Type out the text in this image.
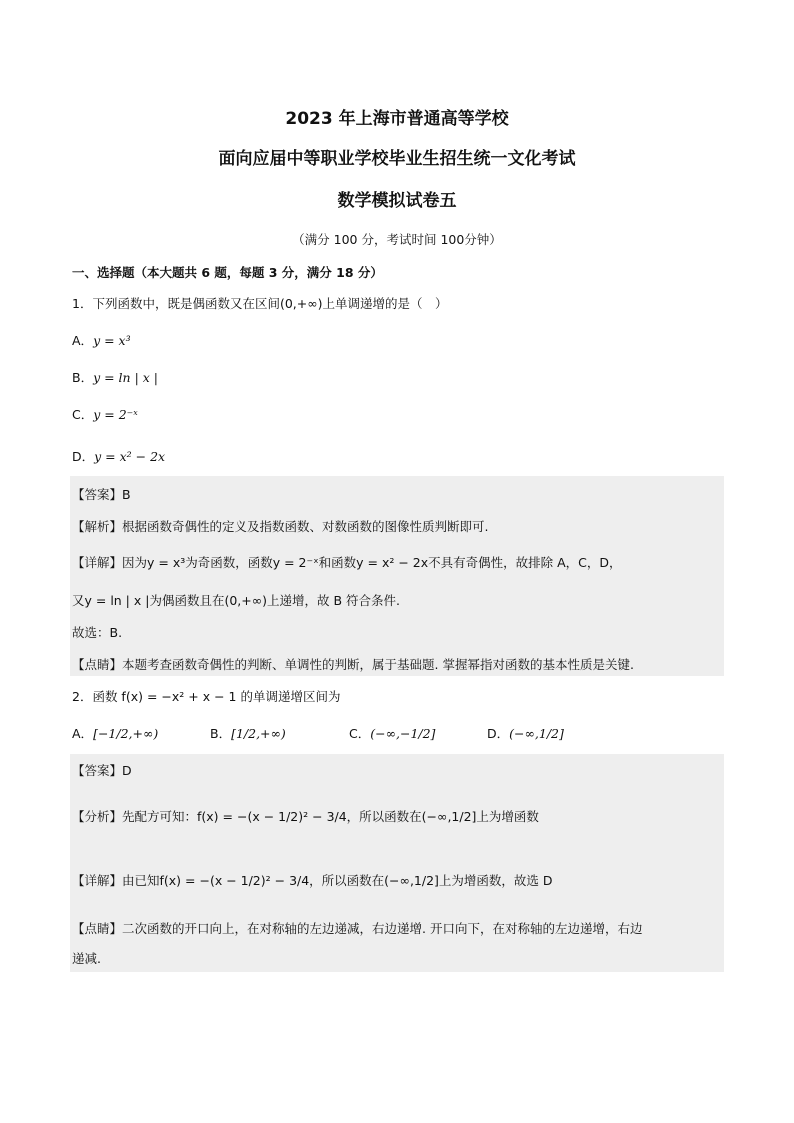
2023 年上海市普通高等学校
面向应届中等职业学校毕业生招生统一文化考试
数学模拟试卷五
（满分 100 分，考试时间 100分钟）
一、选择题（本大题共 6 题，每题 3 分，满分 18 分）
1．下列函数中，既是偶函数又在区间(0,+∞)上单调递增的是（　）
A．y = x³
B．y = ln | x |
C．y = 2⁻ˣ
D．y = x² − 2x
【答案】B
【解析】根据函数奇偶性的定义及指数函数、对数函数的图像性质判断即可.
【详解】因为y = x³为奇函数，函数y = 2⁻ˣ和函数y = x² − 2x不具有奇偶性，故排除 A，C，D，
又y = ln | x |为偶函数且在(0,+∞)上递增，故 B 符合条件.
故选：B.
【点睛】本题考查函数奇偶性的判断、单调性的判断，属于基础题. 掌握幂指对函数的基本性质是关键.
2．函数 f(x) = −x² + x − 1 的单调递增区间为
A．[−1/2,+∞)	B．[1/2,+∞)	C．(−∞,−1/2]	D．(−∞,1/2]
【答案】D
【分析】先配方可知：f(x) = −(x − 1/2)² − 3/4，所以函数在(−∞,1/2]上为增函数
【详解】由已知f(x) = −(x − 1/2)² − 3/4，所以函数在(−∞,1/2]上为增函数，故选 D
【点睛】二次函数的开口向上，在对称轴的左边递减，右边递增. 开口向下，在对称轴的左边递增，右边
递减.
